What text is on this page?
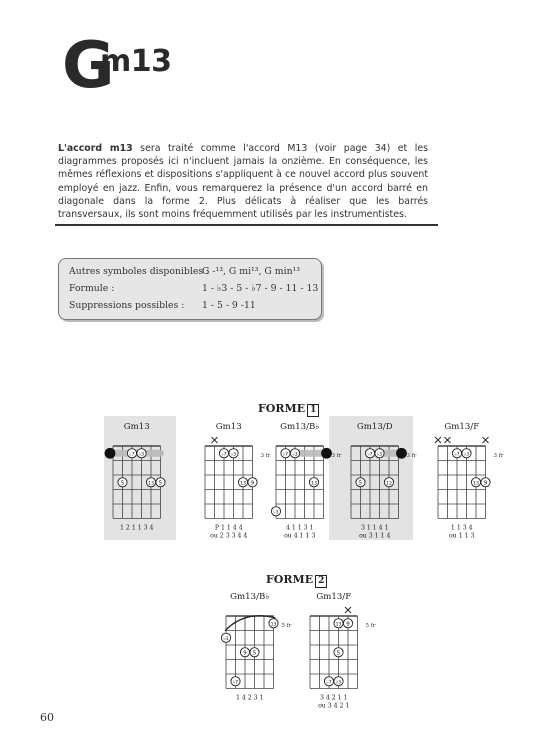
G
m13
L'accord m13 sera traité comme l'accord M13 (voir page 34) et les diagrammes proposés ici n'incluent jamais la onzième. En conséquence, les mêmes réflexions et dispositions s'appliquent à ce nouvel accord plus souvent employé en jazz. Enfin, vous remarquerez la présence d'un accord barré en diagonale dans la forme 2. Plus délicats à réaliser que les barrés transversaux, ils sont moins fréquemment utilisés par les instrumentistes.
Autres symboles disponibles :G -¹³, G mi¹³, G min¹³
Formule :	1 - ♭3 - 5 - ♭7 - 9 - 11 - 13
Suppressions possibles : 1 - 5 - 9 -11
FORME 1
FORME 2
Gm13
♭7 ♭3
5	13 5
1 2 1 1 3 4
Gm13
3 fr
♭7 ♭3
13 9
P 1 1 4 4
ou 2 3 3 4 4
Gm13/B♭
3 fr
♭7 ♭3
13
♭3
4 1 1 3 1
ou 4 1 1 3
Gm13/D
3 fr
♭7 ♭3
5	12
3 1 1 4 1
ou 3 1 1 4
Gm13/F
3 fr
♭7 ♭3
13 9
1 1 3 4
ou 1 1 3
Gm13/B♭
5 fr
13
♭3
9 5
♭7
1 4 2 3 1
Gm13/F
5 fr
13 9
5
♭7 ♭3
3 4 2 1 1
ou 3 4 2 1
60
